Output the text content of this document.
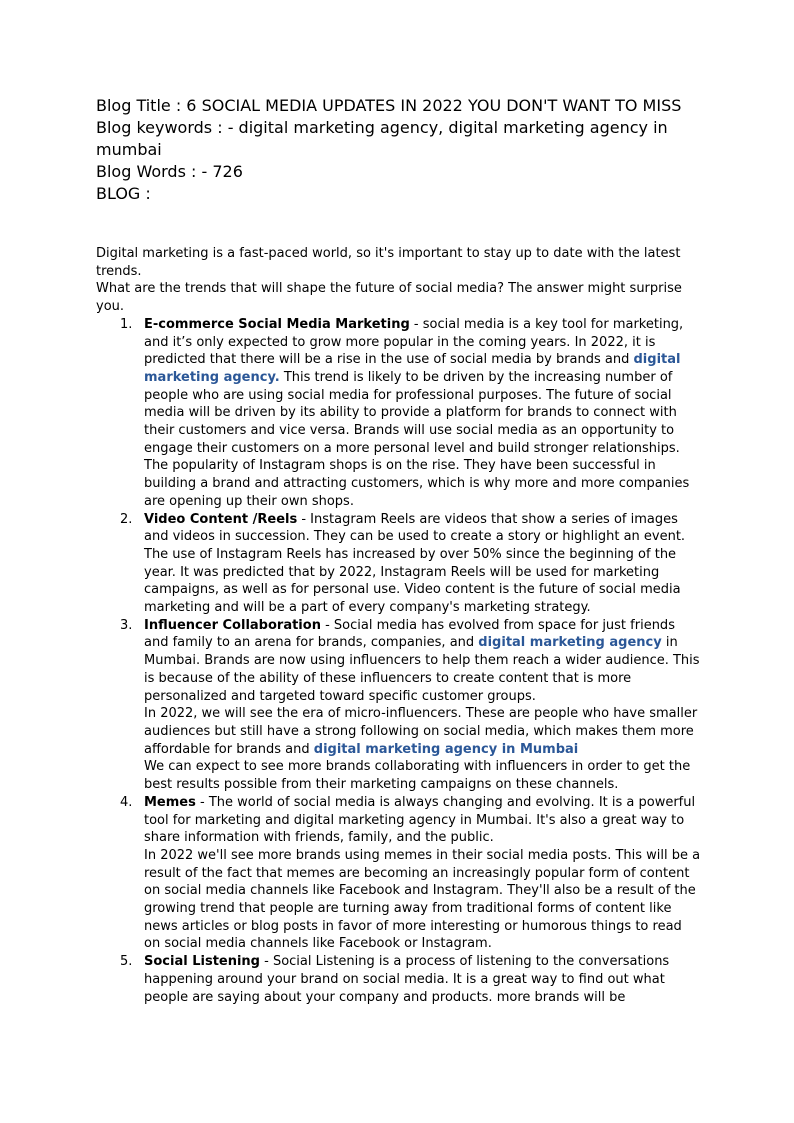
Blog Title : 6 SOCIAL MEDIA UPDATES IN 2022 YOU DON'T WANT TO MISS
Blog keywords : - digital marketing agency, digital marketing agency in
mumbai
Blog Words : - 726
BLOG :

Digital marketing is a fast-paced world, so it's important to stay up to date with the latest trends.

What are the trends that will shape the future of social media? The answer might surprise you.

1. E-commerce Social Media Marketing - social media is a key tool for marketing, and it’s only expected to grow more popular in the coming years. In 2022, it is predicted that there will be a rise in the use of social media by brands and digital marketing agency. This trend is likely to be driven by the increasing number of people who are using social media for professional purposes. The future of social media will be driven by its ability to provide a platform for brands to connect with their customers and vice versa. Brands will use social media as an opportunity to engage their customers on a more personal level and build stronger relationships. The popularity of Instagram shops is on the rise. They have been successful in building a brand and attracting customers, which is why more and more companies are opening up their own shops.
2. Video Content /Reels - Instagram Reels are videos that show a series of images and videos in succession. They can be used to create a story or highlight an event.
The use of Instagram Reels has increased by over 50% since the beginning of the year. It was predicted that by 2022, Instagram Reels will be used for marketing campaigns, as well as for personal use. Video content is the future of social media marketing and will be a part of every company's marketing strategy.
3. Influencer Collaboration - Social media has evolved from space for just friends and family to an arena for brands, companies, and digital marketing agency in Mumbai. Brands are now using influencers to help them reach a wider audience. This is because of the ability of these influencers to create content that is more personalized and targeted toward specific customer groups.
In 2022, we will see the era of micro-influencers. These are people who have smaller audiences but still have a strong following on social media, which makes them more affordable for brands and digital marketing agency in Mumbai
We can expect to see more brands collaborating with influencers in order to get the best results possible from their marketing campaigns on these channels.
4. Memes - The world of social media is always changing and evolving. It is a powerful tool for marketing and digital marketing agency in Mumbai. It's also a great way to share information with friends, family, and the public.
In 2022 we'll see more brands using memes in their social media posts. This will be a result of the fact that memes are becoming an increasingly popular form of content on social media channels like Facebook and Instagram. They'll also be a result of the growing trend that people are turning away from traditional forms of content like news articles or blog posts in favor of more interesting or humorous things to read on social media channels like Facebook or Instagram.
5. Social Listening - Social Listening is a process of listening to the conversations happening around your brand on social media. It is a great way to find out what people are saying about your company and products. more brands will be
